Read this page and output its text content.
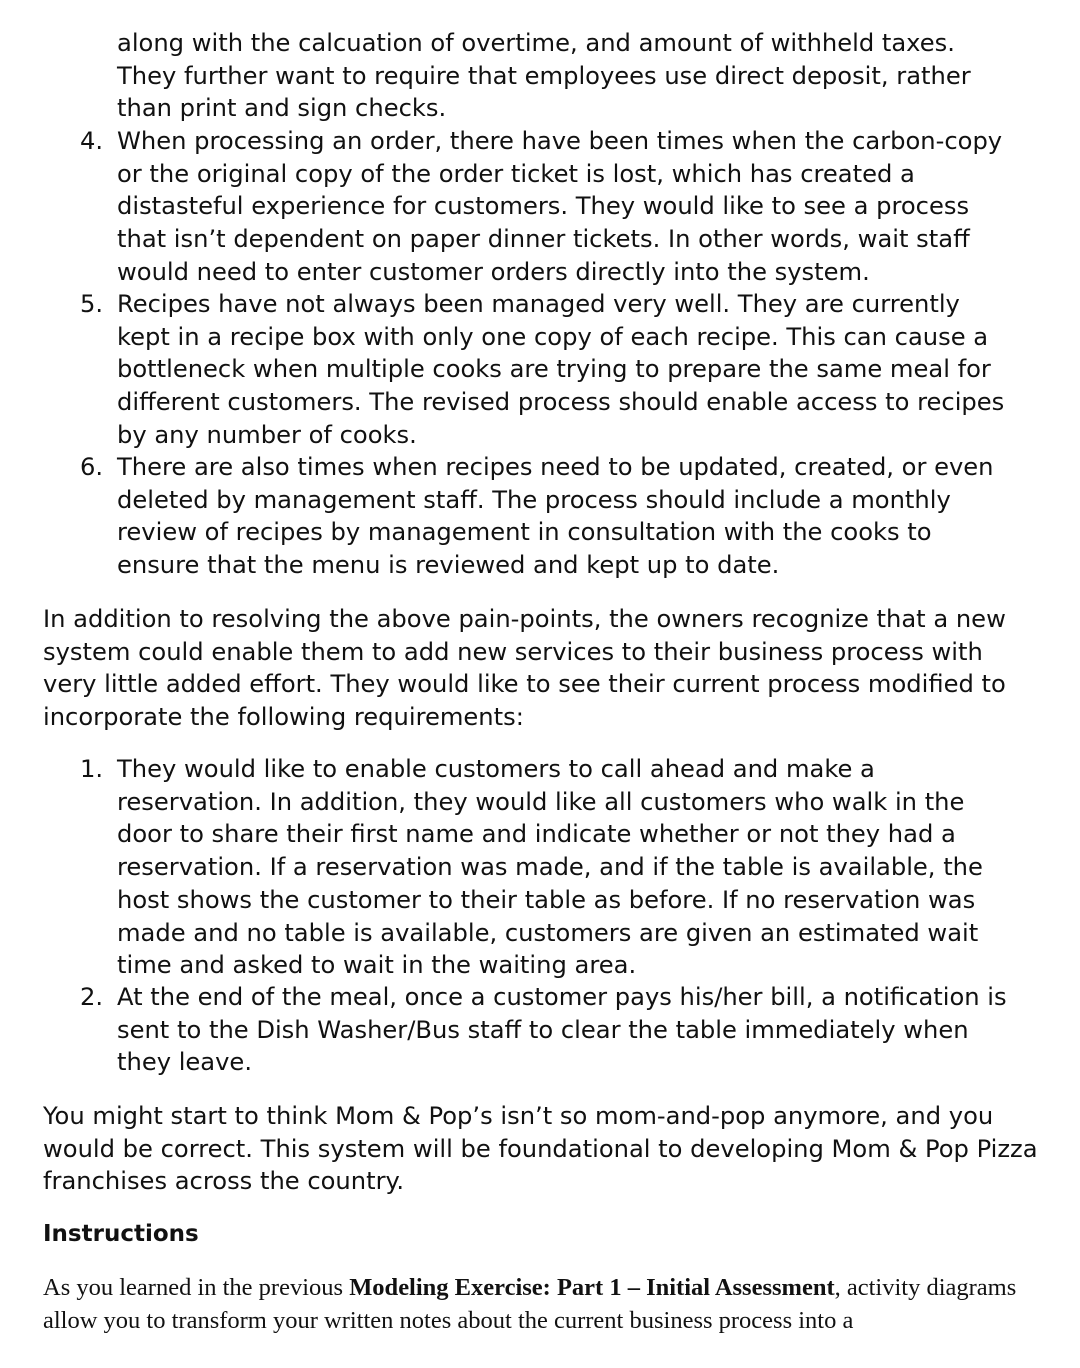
along with the calcuation of overtime, and amount of withheld taxes. They further want to require that employees use direct deposit, rather than print and sign checks.

4. When processing an order, there have been times when the carbon-copy or the original copy of the order ticket is lost, which has created a distasteful experience for customers. They would like to see a process that isn’t dependent on paper dinner tickets. In other words, wait staff would need to enter customer orders directly into the system.

5. Recipes have not always been managed very well. They are currently kept in a recipe box with only one copy of each recipe. This can cause a bottleneck when multiple cooks are trying to prepare the same meal for different customers. The revised process should enable access to recipes by any number of cooks.

6. There are also times when recipes need to be updated, created, or even deleted by management staff. The process should include a monthly review of recipes by management in consultation with the cooks to ensure that the menu is reviewed and kept up to date.

In addition to resolving the above pain-points, the owners recognize that a new system could enable them to add new services to their business process with very little added effort. They would like to see their current process modified to incorporate the following requirements:

1. They would like to enable customers to call ahead and make a reservation. In addition, they would like all customers who walk in the door to share their first name and indicate whether or not they had a reservation. If a reservation was made, and if the table is available, the host shows the customer to their table as before. If no reservation was made and no table is available, customers are given an estimated wait time and asked to wait in the waiting area.

2. At the end of the meal, once a customer pays his/her bill, a notification is sent to the Dish Washer/Bus staff to clear the table immediately when they leave.

You might start to think Mom & Pop’s isn’t so mom-and-pop anymore, and you would be correct. This system will be foundational to developing Mom & Pop Pizza franchises across the country.

Instructions

As you learned in the previous Modeling Exercise: Part 1 – Initial Assessment, activity diagrams allow you to transform your written notes about the current business process into a
